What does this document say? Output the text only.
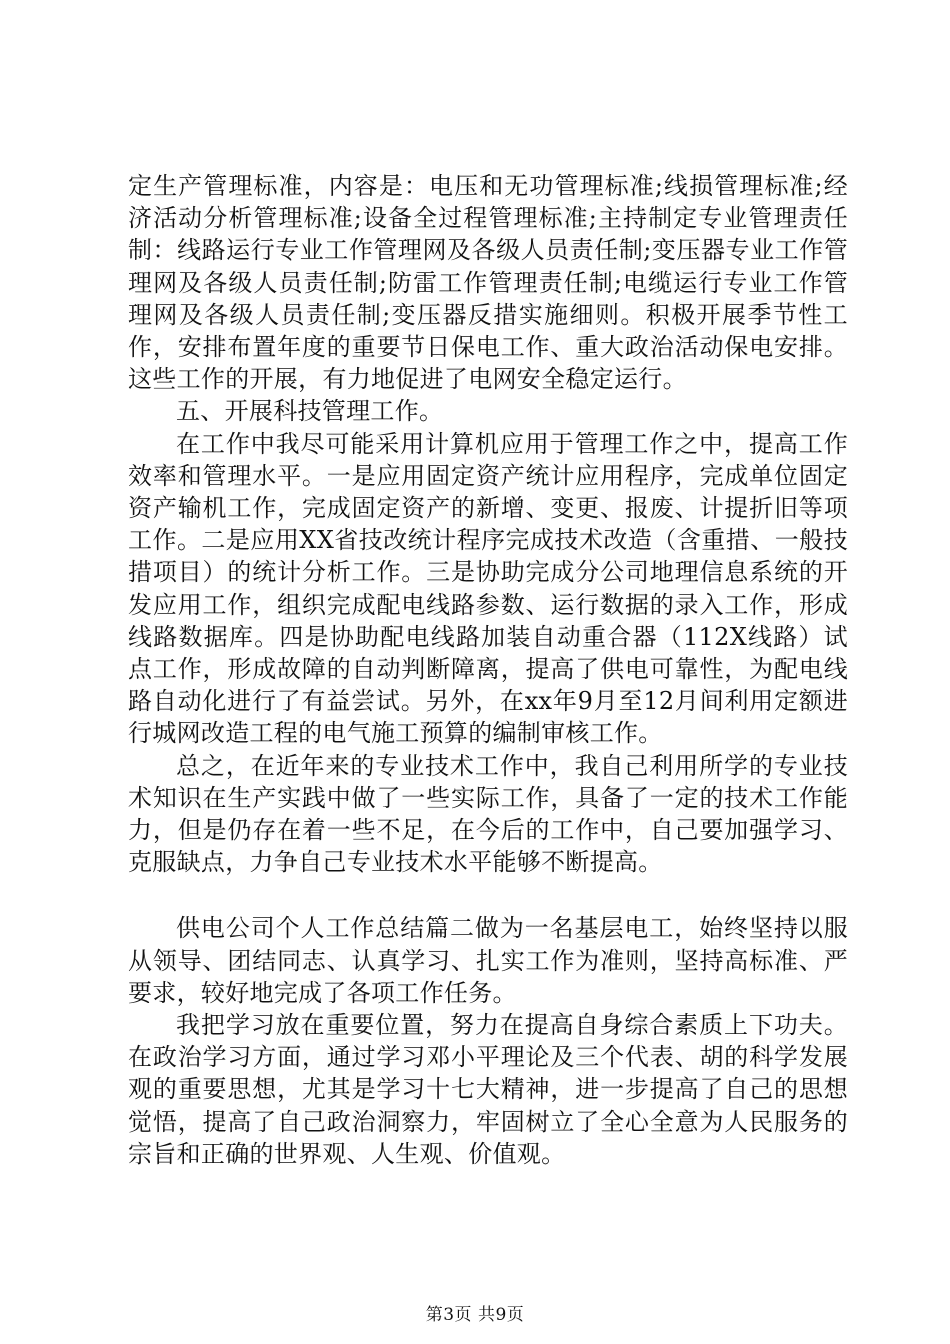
定生产管理标准，内容是：电压和无功管理标准;线损管理标准;经济活动分析管理标准;设备全过程管理标准;主持制定专业管理责任制：线路运行专业工作管理网及各级人员责任制;变压器专业工作管理网及各级人员责任制;防雷工作管理责任制;电缆运行专业工作管理网及各级人员责任制;变压器反措实施细则。积极开展季节性工作，安排布置年度的重要节日保电工作、重大政治活动保电安排。这些工作的开展，有力地促进了电网安全稳定运行。

五、开展科技管理工作。

在工作中我尽可能采用计算机应用于管理工作之中，提高工作效率和管理水平。一是应用固定资产统计应用程序，完成单位固定资产输机工作，完成固定资产的新增、变更、报废、计提折旧等项工作。二是应用XX省技改统计程序完成技术改造（含重措、一般技措项目）的统计分析工作。三是协助完成分公司地理信息系统的开发应用工作，组织完成配电线路参数、运行数据的录入工作，形成线路数据库。四是协助配电线路加装自动重合器（112X线路）试点工作，形成故障的自动判断障离，提高了供电可靠性，为配电线路自动化进行了有益尝试。另外，在xx年9月至12月间利用定额进行城网改造工程的电气施工预算的编制审核工作。

总之，在近年来的专业技术工作中，我自己利用所学的专业技术知识在生产实践中做了一些实际工作，具备了一定的技术工作能力，但是仍存在着一些不足，在今后的工作中，自己要加强学习、克服缺点，力争自己专业技术水平能够不断提高。

供电公司个人工作总结篇二做为一名基层电工，始终坚持以服从领导、团结同志、认真学习、扎实工作为准则，坚持高标准、严要求，较好地完成了各项工作任务。

我把学习放在重要位置，努力在提高自身综合素质上下功夫。在政治学习方面，通过学习邓小平理论及三个代表、胡的科学发展观的重要思想，尤其是学习十七大精神，进一步提高了自己的思想觉悟，提高了自己政治洞察力，牢固树立了全心全意为人民服务的宗旨和正确的世界观、人生观、价值观。

第3页 共9页
